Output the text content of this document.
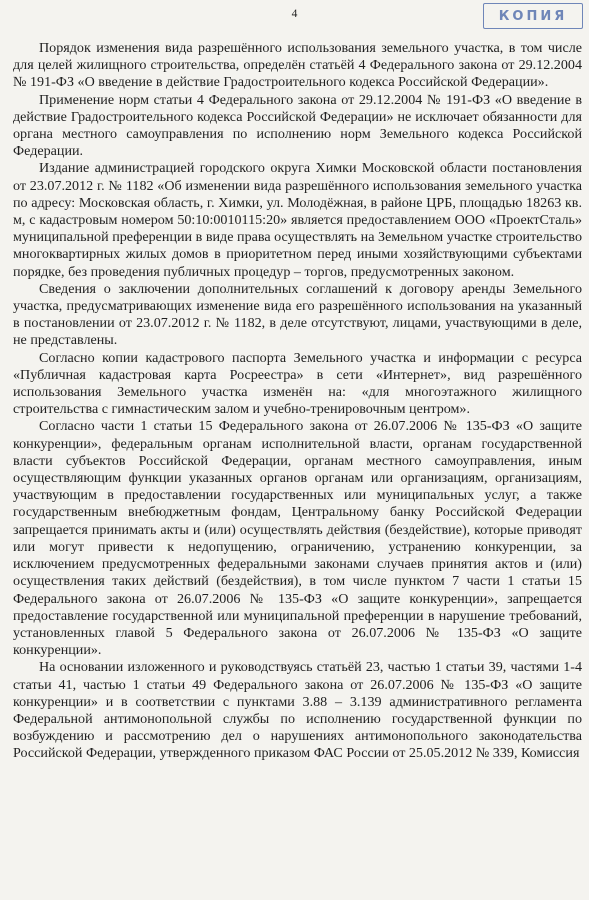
4	КОПИЯ

Порядок изменения вида разрешённого использования земельного участка, в том числе для целей жилищного строительства, определён статьёй 4 Федерального закона от 29.12.2004 № 191-ФЗ «О введение в действие Градостроительного кодекса Российской Федерации».

Применение норм статьи 4 Федерального закона от 29.12.2004 № 191-ФЗ «О введение в действие Градостроительного кодекса Российской Федерации» не исключает обязанности для органа местного самоуправления по исполнению норм Земельного кодекса Российской Федерации.

Издание администрацией городского округа Химки Московской области постановления от 23.07.2012 г. № 1182 «Об изменении вида разрешённого использования земельного участка по адресу: Московская область, г. Химки, ул. Молодёжная, в районе ЦРБ, площадью 18263 кв. м, с кадастровым номером 50:10:0010115:20» является предоставлением ООО «ПроектСталь» муниципальной преференции в виде права осуществлять на Земельном участке строительство многоквартирных жилых домов в приоритетном перед иными хозяйствующими субъектами порядке, без проведения публичных процедур – торгов, предусмотренных законом.

Сведения о заключении дополнительных соглашений к договору аренды Земельного участка, предусматривающих изменение вида его разрешённого использования на указанный в постановлении от 23.07.2012 г. № 1182, в деле отсутствуют, лицами, участвующими в деле, не представлены.

Согласно копии кадастрового паспорта Земельного участка и информации с ресурса «Публичная кадастровая карта Росреестра» в сети «Интернет», вид разрешённого использования Земельного участка изменён на: «для многоэтажного жилищного строительства с гимнастическим залом и учебно-тренировочным центром».

Согласно части 1 статьи 15 Федерального закона от 26.07.2006 № 135-ФЗ «О защите конкуренции», федеральным органам исполнительной власти, органам государственной власти субъектов Российской Федерации, органам местного самоуправления, иным осуществляющим функции указанных органов органам или организациям, организациям, участвующим в предоставлении государственных или муниципальных услуг, а также государственным внебюджетным фондам, Центральному банку Российской Федерации запрещается принимать акты и (или) осуществлять действия (бездействие), которые приводят или могут привести к недопущению, ограничению, устранению конкуренции, за исключением предусмотренных федеральными законами случаев принятия актов и (или) осуществления таких действий (бездействия), в том числе пунктом 7 части 1 статьи 15 Федерального закона от 26.07.2006 № 135-ФЗ «О защите конкуренции», запрещается предоставление государственной или муниципальной преференции в нарушение требований, установленных главой 5 Федерального закона от 26.07.2006 № 135-ФЗ «О защите конкуренции».

На основании изложенного и руководствуясь статьёй 23, частью 1 статьи 39, частями 1-4 статьи 41, частью 1 статьи 49 Федерального закона от 26.07.2006 № 135-ФЗ «О защите конкуренции» и в соответствии с пунктами 3.88 – 3.139 административного регламента Федеральной антимонопольной службы по исполнению государственной функции по возбуждению и рассмотрению дел о нарушениях антимонопольного законодательства Российской Федерации, утвержденного приказом ФАС России от 25.05.2012 № 339, Комиссия
